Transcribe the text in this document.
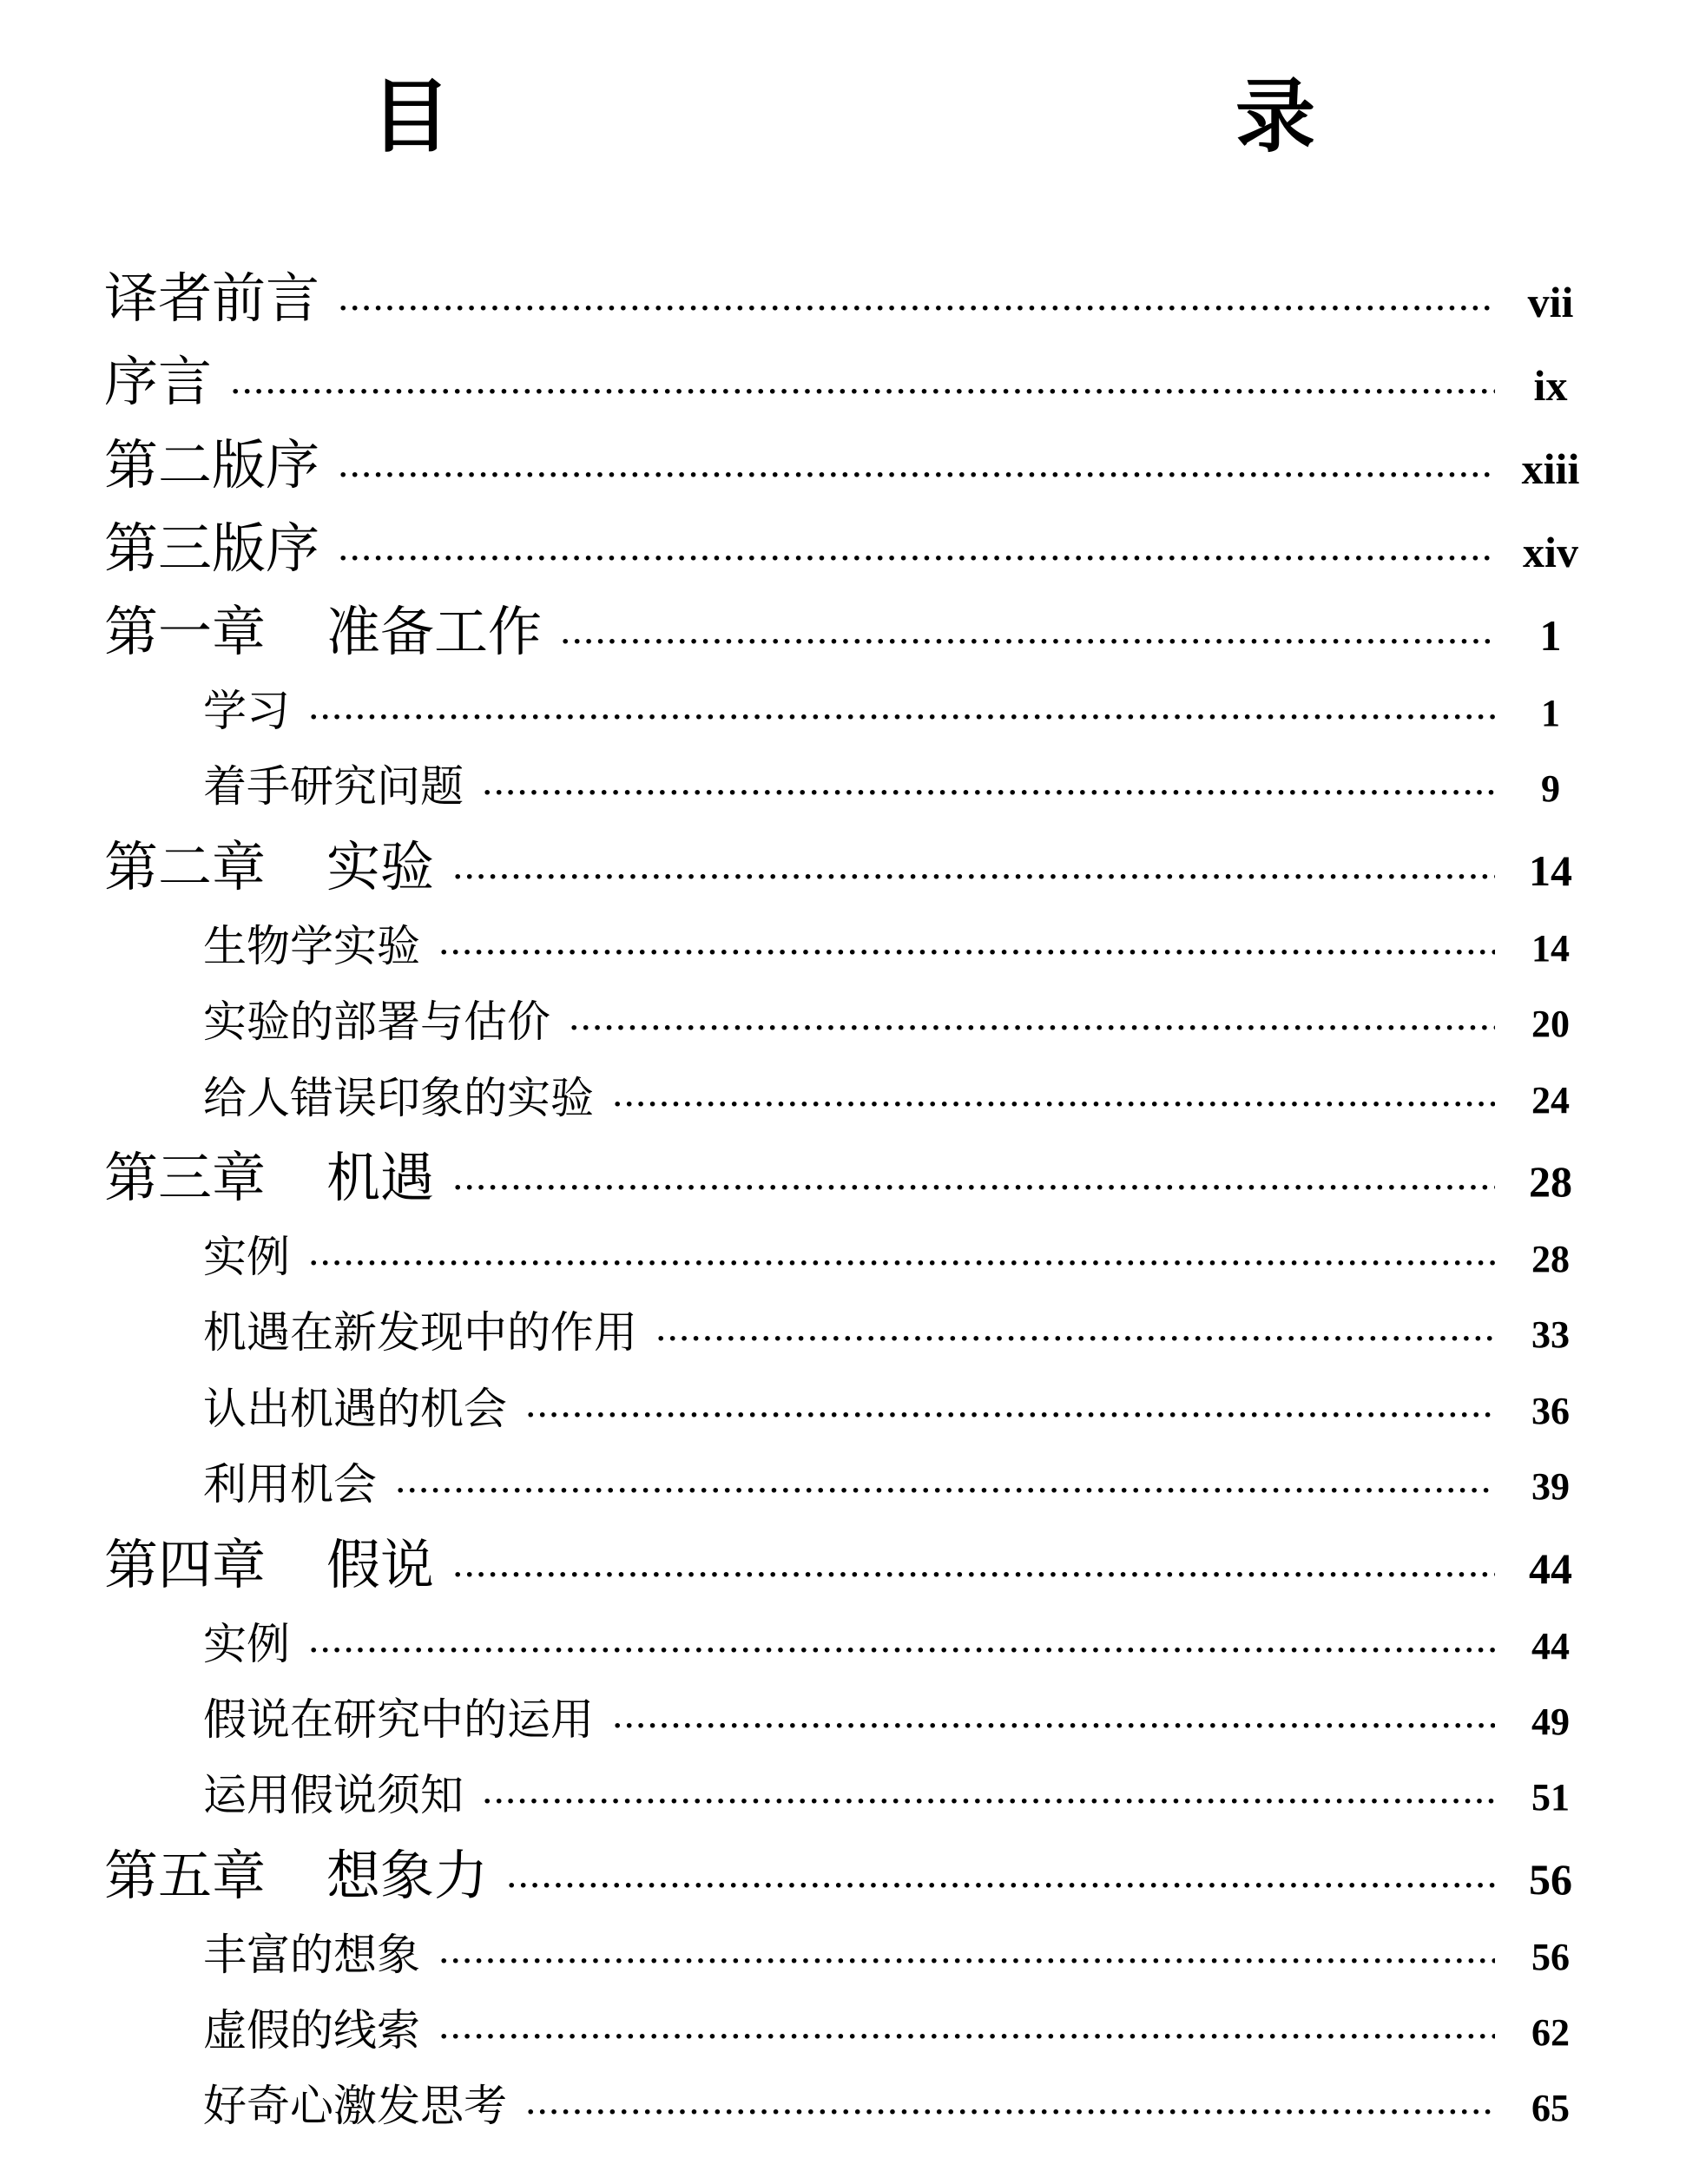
目　　录
译者前言 ·····	vii
序言 ·····	ix
第二版序 ·····	xiii
第三版序 ·····	xiv
第一章 准备工作 ·····	1
学习 ·····	1
着手研究问题 ·····	9
第二章 实验 ·····	14
生物学实验 ·····	14
实验的部署与估价 ·····	20
给人错误印象的实验 ·····	24
第三章 机遇 ·····	28
实例 ·····	28
机遇在新发现中的作用 ·····	33
认出机遇的机会 ·····	36
利用机会 ·····	39
第四章 假说 ·····	44
实例 ·····	44
假说在研究中的运用 ·····	49
运用假说须知 ·····	51
第五章 想象力 ·····	56
丰富的想象 ·····	56
虚假的线索 ·····	62
好奇心激发思考 ·····	65
